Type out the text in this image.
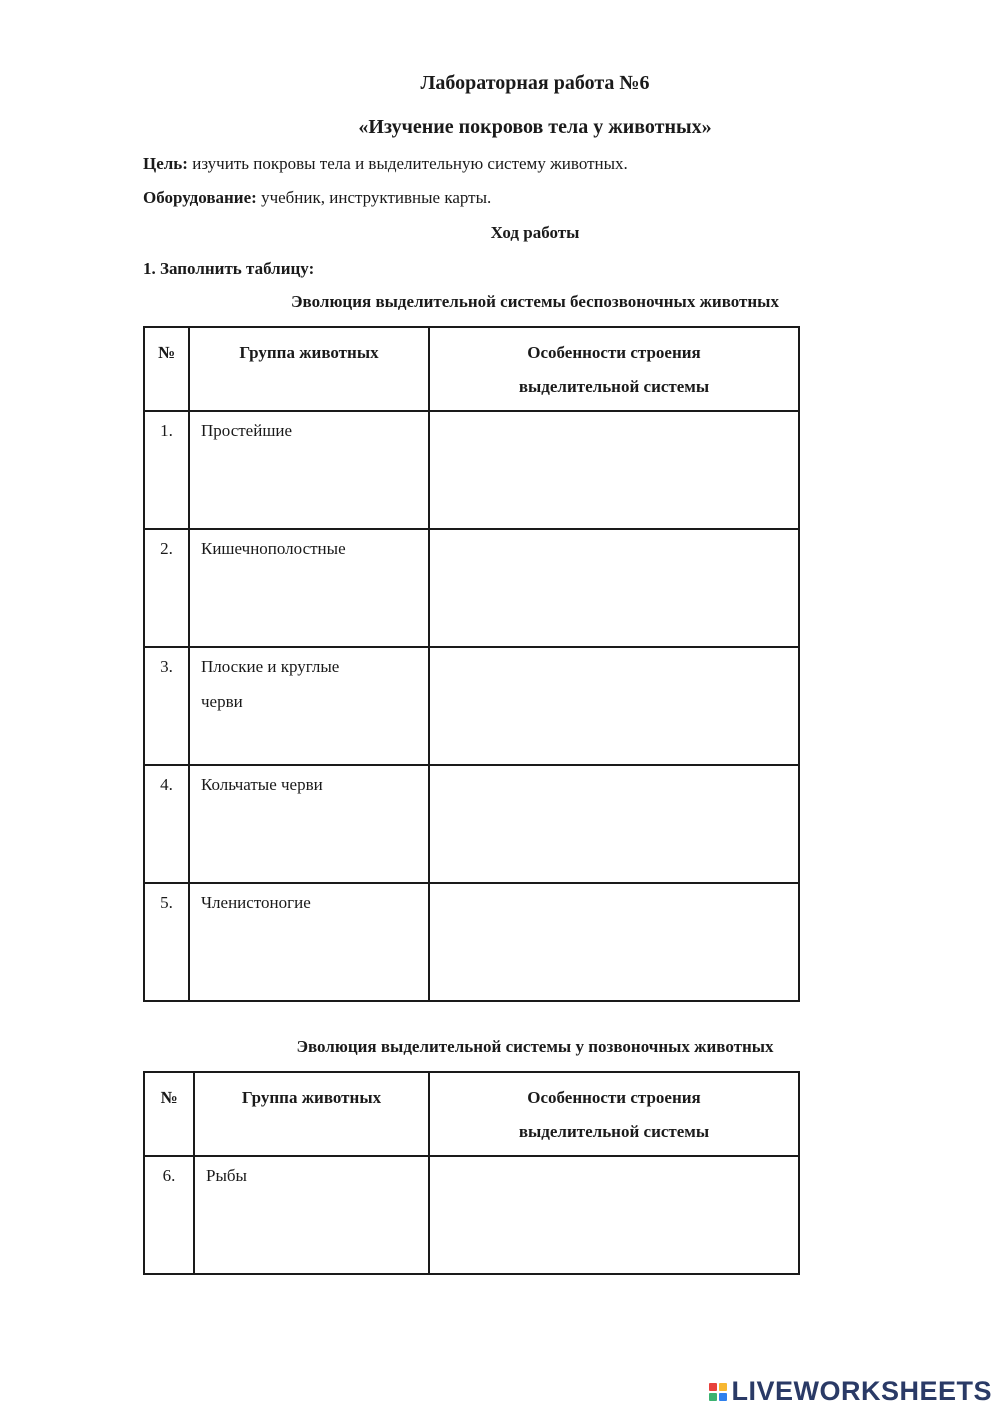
Лабораторная работа №6
«Изучение покровов тела у животных»
Цель: изучить покровы тела и выделительную систему животных.
Оборудование: учебник, инструктивные карты.
Ход работы
1. Заполнить таблицу:
Эволюция выделительной системы беспозвоночных животных
№	Группа животных	Особенности строения
выделительной системы

1.	Простейшие	
2.	Кишечнополостные	
3.	Плоские и круглые
черви	

4.	Кольчатые черви	
5.	Членистоногие	
Эволюция выделительной системы у позвоночных животных
№	Группа животных	Особенности строения
выделительной системы

6.	Рыбы	
LIVEWORKSHEETS
